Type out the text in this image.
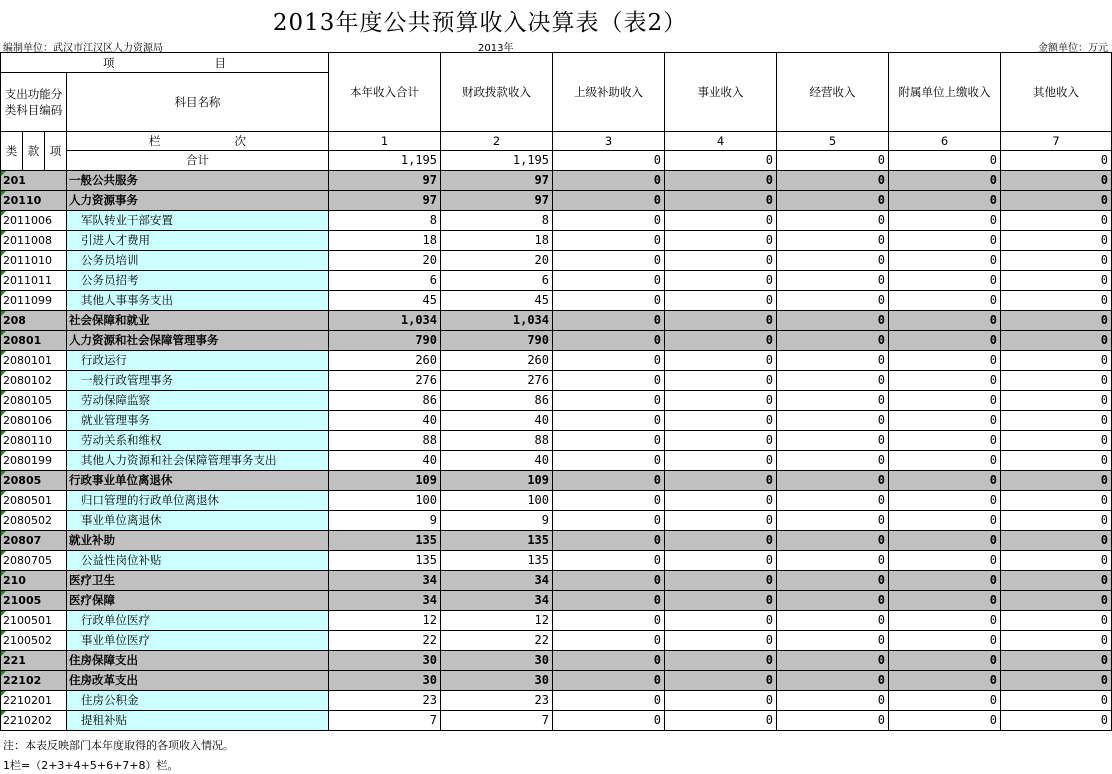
2013年度公共预算收入决算表（表2）
编制单位：武汉市江汉区人力资源局	2013年	金额单位：万元
项 目				本年收入合计	财政拨款收入	上级补助收入	事业收入	经营收入	附属单位上缴收入	其他收入
支出功能分类科目编码			科目名称							
类	款	项	栏 次	1	2	3	4	5	6	7
			合计	1,195	1,195	0	0	0	0	0
201			一般公共服务	97	97	0	0	0	0	0
20110			人力资源事务	97	97	0	0	0	0	0
2011006			军队转业干部安置	8	8	0	0	0	0	0
2011008			引进人才费用	18	18	0	0	0	0	0
2011010			公务员培训	20	20	0	0	0	0	0
2011011			公务员招考	6	6	0	0	0	0	0
2011099			其他人事事务支出	45	45	0	0	0	0	0
208			社会保障和就业	1,034	1,034	0	0	0	0	0
20801			人力资源和社会保障管理事务	790	790	0	0	0	0	0
2080101			行政运行	260	260	0	0	0	0	0
2080102			一般行政管理事务	276	276	0	0	0	0	0
2080105			劳动保障监察	86	86	0	0	0	0	0
2080106			就业管理事务	40	40	0	0	0	0	0
2080110			劳动关系和维权	88	88	0	0	0	0	0
2080199			其他人力资源和社会保障管理事务支出	40	40	0	0	0	0	0
20805			行政事业单位离退休	109	109	0	0	0	0	0
2080501			归口管理的行政单位离退休	100	100	0	0	0	0	0
2080502			事业单位离退休	9	9	0	0	0	0	0
20807			就业补助	135	135	0	0	0	0	0
2080705			公益性岗位补贴	135	135	0	0	0	0	0
210			医疗卫生	34	34	0	0	0	0	0
21005			医疗保障	34	34	0	0	0	0	0
2100501			行政单位医疗	12	12	0	0	0	0	0
2100502			事业单位医疗	22	22	0	0	0	0	0
221			住房保障支出	30	30	0	0	0	0	0
22102			住房改革支出	30	30	0	0	0	0	0
2210201			住房公积金	23	23	0	0	0	0	0
2210202			提租补贴	7	7	0	0	0	0	0
注：本表反映部门本年度取得的各项收入情况。
1栏=（2+3+4+5+6+7+8）栏。
